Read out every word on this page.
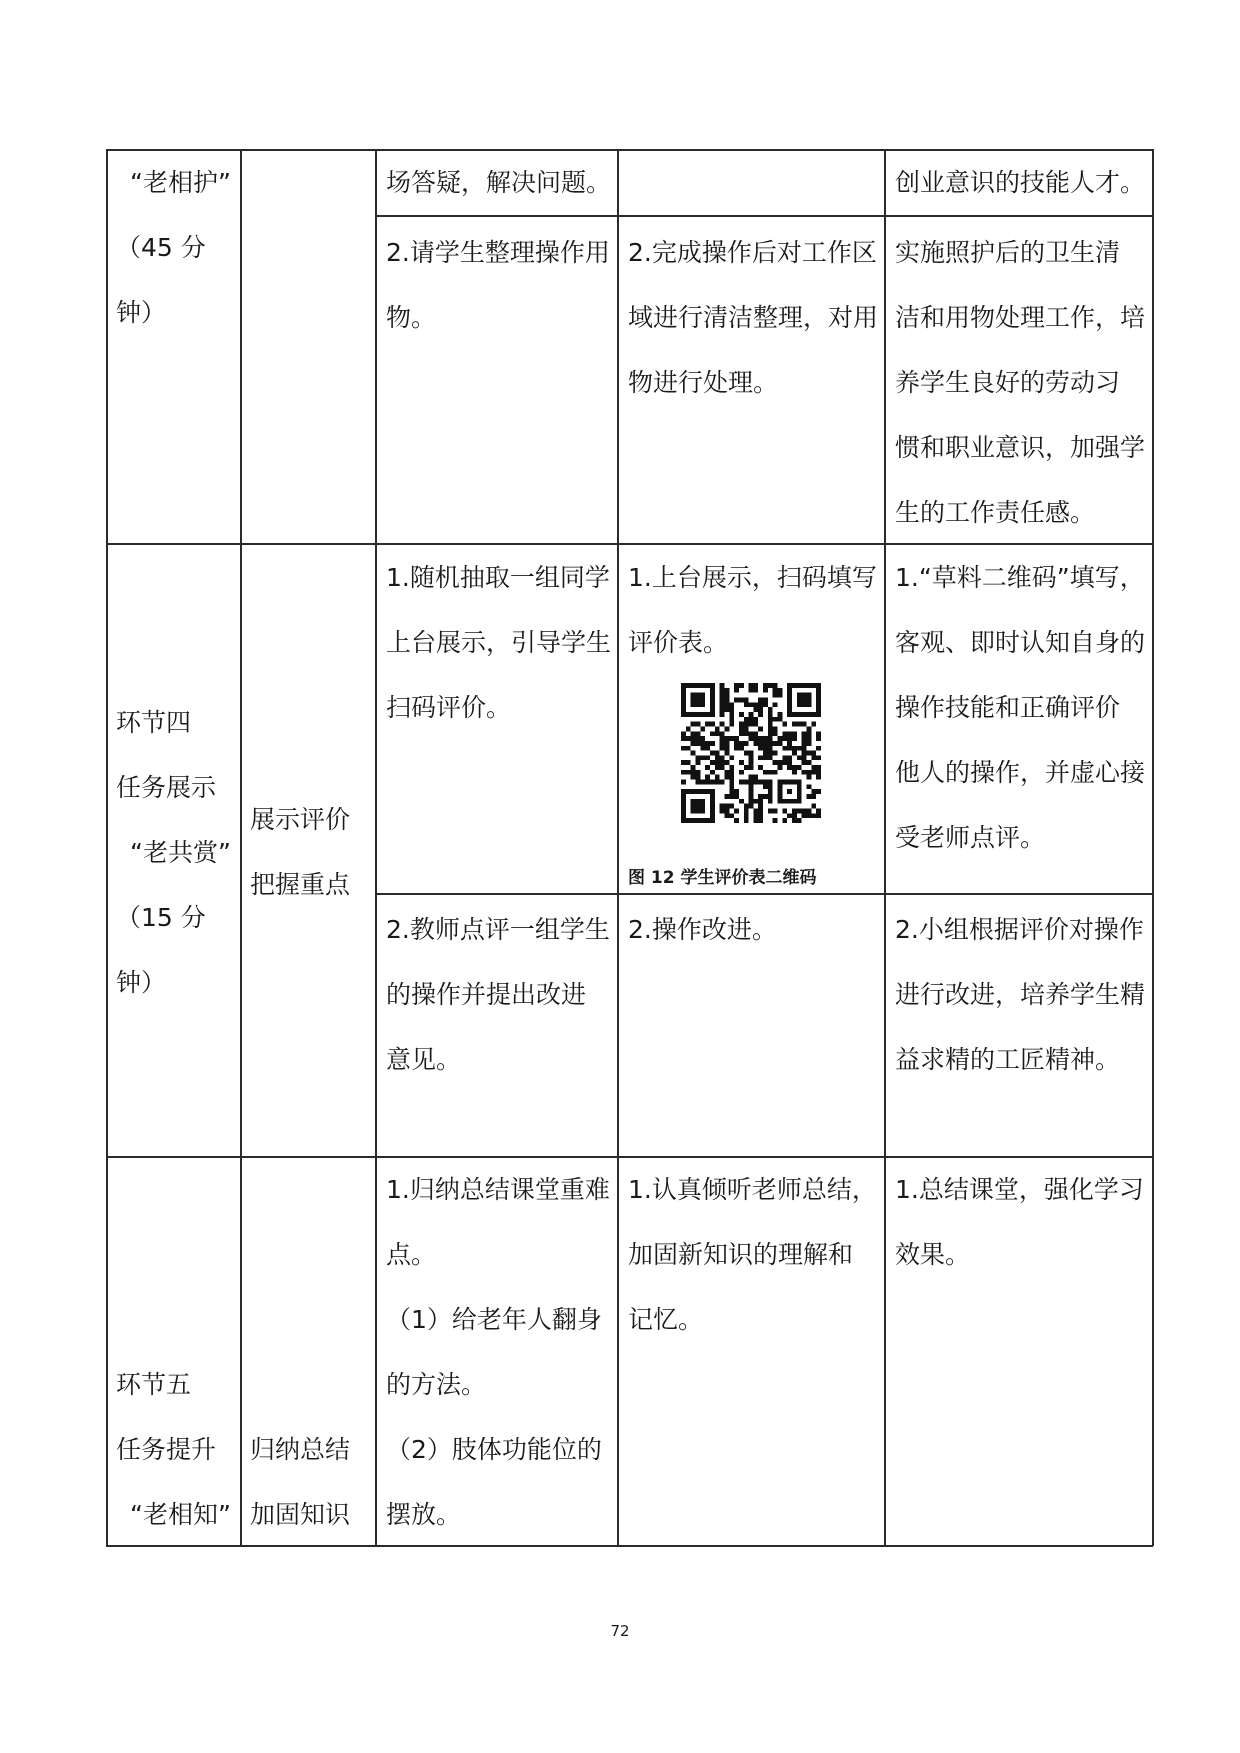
“老相护”
（45 分
钟）
场答疑，解决问题。	创业意识的技能人才。
2.请学生整理操作用
物。
2.完成操作后对工作区
域进行清洁整理，对用
物进行处理。
实施照护后的卫生清
洁和用物处理工作，培
养学生良好的劳动习
惯和职业意识，加强学
生的工作责任感。
环节四
任务展示
“老共赏”
（15 分
钟）
展示评价
把握重点
1.随机抽取一组同学
上台展示，引导学生
扫码评价。
1.上台展示，扫码填写
评价表。
图 12 学生评价表二维码
1.“草料二维码”填写，
客观、即时认知自身的
操作技能和正确评价
他人的操作，并虚心接
受老师点评。
2.教师点评一组学生
的操作并提出改进
意见。
2.操作改进。	2.小组根据评价对操作
进行改进，培养学生精
益求精的工匠精神。
环节五
任务提升
“老相知”
归纳总结
加固知识
1.归纳总结课堂重难
点。
（1）给老年人翻身
的方法。
（2）肢体功能位的
摆放。
1.认真倾听老师总结，
加固新知识的理解和
记忆。
1.总结课堂，强化学习
效果。
72
